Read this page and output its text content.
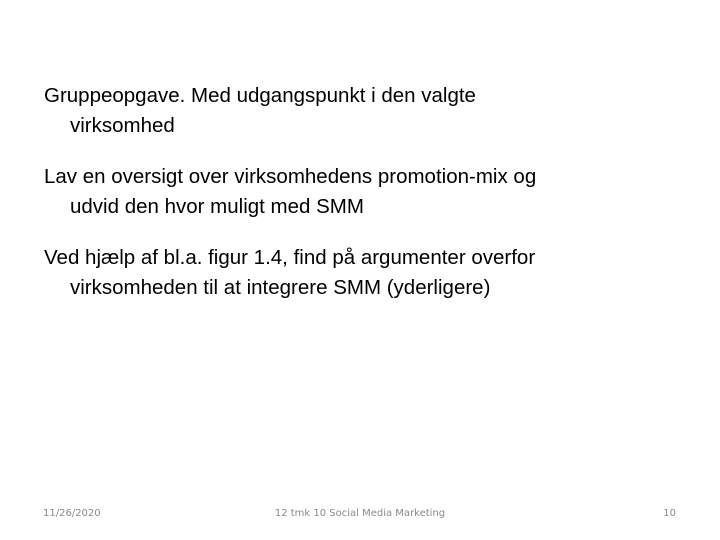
Gruppeopgave. Med udgangspunkt i den valgte
virksomhed

Lav en oversigt over virksomhedens promotion-mix og
udvid den hvor muligt med SMM

Ved hjælp af bl.a. figur 1.4, find på argumenter overfor
virksomheden til at integrere SMM (yderligere)

11/26/2020	12 tmk 10 Social Media Marketing	10
